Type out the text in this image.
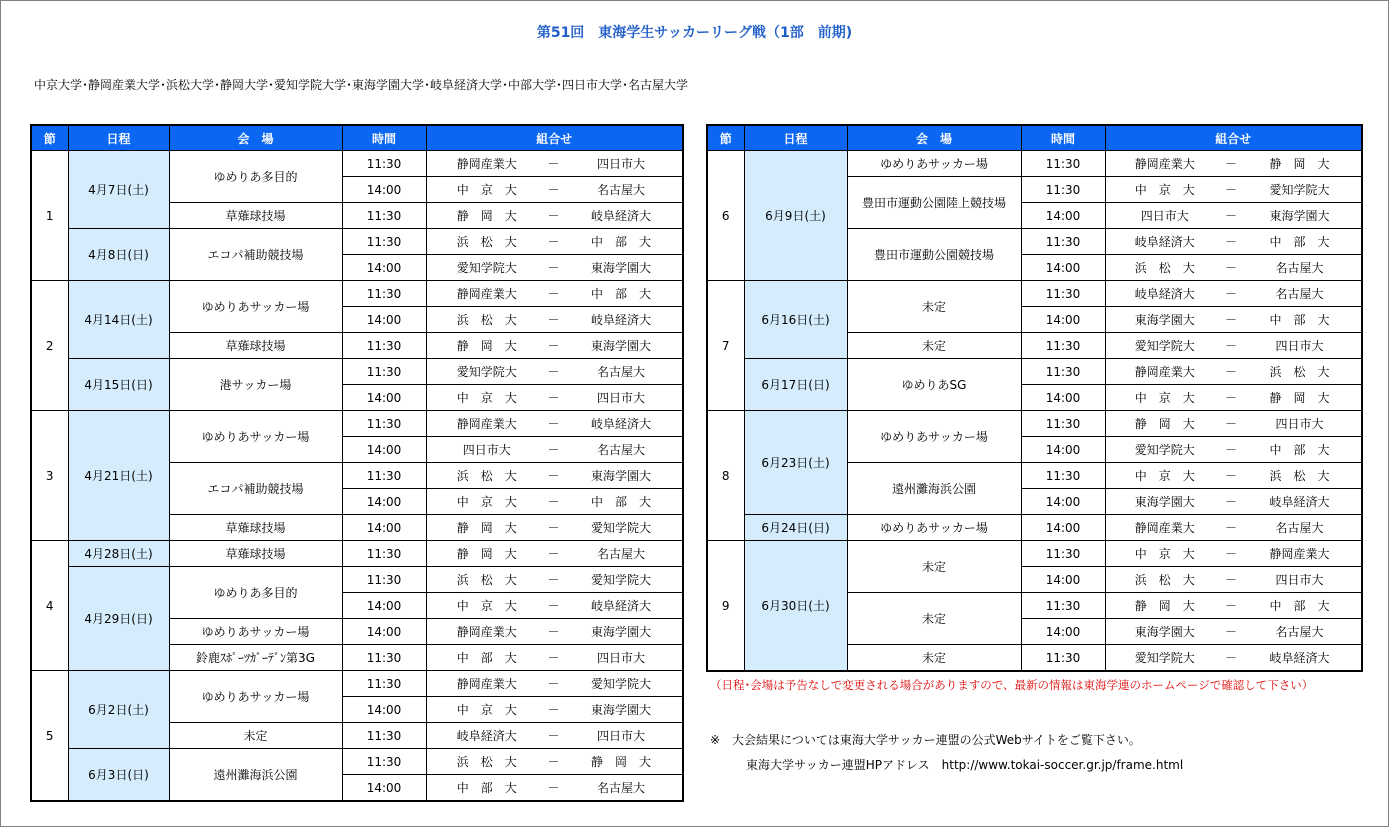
第51回　東海学生サッカーリーグ戦（1部　前期)
中京大学･静岡産業大学･浜松大学･静岡大学･愛知学院大学･東海学園大学･岐阜経済大学･中部大学･四日市大学･名古屋大学
節	日程	会　場	時間	組合せ		
1	4月7日(土)	ゆめりあ多目的	11:30	静岡産業大	－	四日市大
			14:00	中　京　大	－	名古屋大
		草薙球技場	11:30	静　岡　大	－	岐阜経済大
	4月8日(日)	エコパ補助競技場	11:30	浜　松　大	－	中　部　大
			14:00	愛知学院大	－	東海学園大
2	4月14日(土)	ゆめりあサッカー場	11:30	静岡産業大	－	中　部　大
			14:00	浜　松　大	－	岐阜経済大
		草薙球技場	11:30	静　岡　大	－	東海学園大
	4月15日(日)	港サッカー場	11:30	愛知学院大	－	名古屋大
			14:00	中　京　大	－	四日市大
3	4月21日(土)	ゆめりあサッカー場	11:30	静岡産業大	－	岐阜経済大
			14:00	四日市大	－	名古屋大
		エコパ補助競技場	11:30	浜　松　大	－	東海学園大
			14:00	中　京　大	－	中　部　大
		草薙球技場	14:00	静　岡　大	－	愛知学院大
4	4月28日(土)	草薙球技場	11:30	静　岡　大	－	名古屋大
	4月29日(日)	ゆめりあ多目的	11:30	浜　松　大	－	愛知学院大
			14:00	中　京　大	－	岐阜経済大
		ゆめりあサッカー場	14:00	静岡産業大	－	東海学園大
		鈴鹿ｽﾎﾟｰﾂｶﾞｰﾃﾞﾝ第3G	11:30	中　部　大	－	四日市大
5	6月2日(土)	ゆめりあサッカー場	11:30	静岡産業大	－	愛知学院大
			14:00	中　京　大	－	東海学園大
		未定	11:30	岐阜経済大	－	四日市大
	6月3日(日)	遠州灘海浜公園	11:30	浜　松　大	－	静　岡　大
			14:00	中　部　大	－	名古屋大
節	日程	会　場	時間	組合せ		
6	6月9日(土)	ゆめりあサッカー場	11:30	静岡産業大	－	静　岡　大
		豊田市運動公園陸上競技場	11:30	中　京　大	－	愛知学院大
			14:00	四日市大	－	東海学園大
		豊田市運動公園競技場	11:30	岐阜経済大	－	中　部　大
			14:00	浜　松　大	－	名古屋大
7	6月16日(土)	未定	11:30	岐阜経済大	－	名古屋大
			14:00	東海学園大	－	中　部　大
		未定	11:30	愛知学院大	－	四日市大
	6月17日(日)	ゆめりあSG	11:30	静岡産業大	－	浜　松　大
			14:00	中　京　大	－	静　岡　大
8	6月23日(土)	ゆめりあサッカー場	11:30	静　岡　大	－	四日市大
			14:00	愛知学院大	－	中　部　大
		遠州灘海浜公園	11:30	中　京　大	－	浜　松　大
			14:00	東海学園大	－	岐阜経済大
	6月24日(日)	ゆめりあサッカー場	14:00	静岡産業大	－	名古屋大
9	6月30日(土)	未定	11:30	中　京　大	－	静岡産業大
			14:00	浜　松　大	－	四日市大
		未定	11:30	静　岡　大	－	中　部　大
			14:00	東海学園大	－	名古屋大
		未定	11:30	愛知学院大	－	岐阜経済大
（日程･会場は予告なしで変更される場合がありますので、最新の情報は東海学連のホームページで確認して下さい）
※　大会結果については東海大学サッカー連盟の公式Webサイトをご覧下さい。
東海大学サッカー連盟HPアドレス　http://www.tokai-soccer.gr.jp/frame.html
